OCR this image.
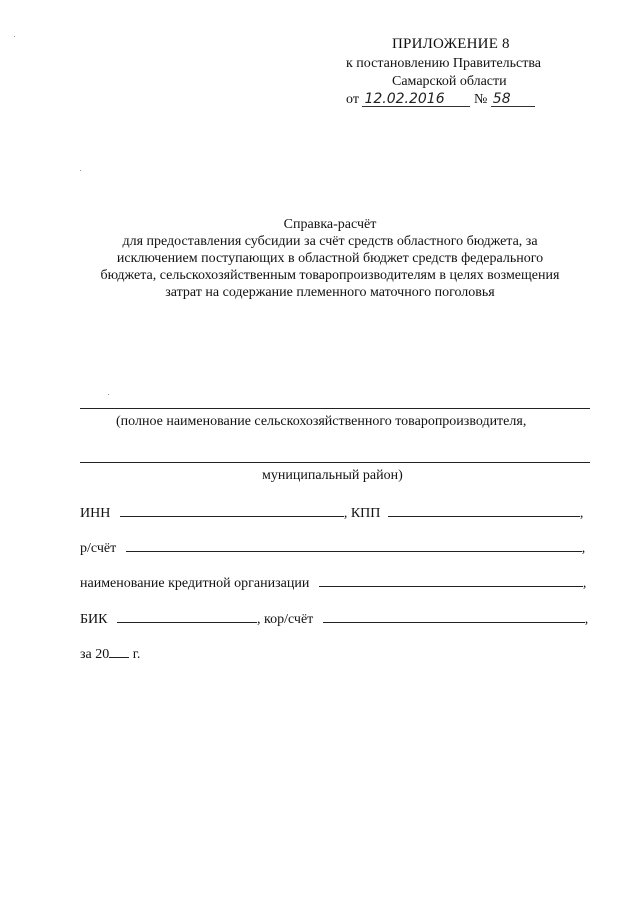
ПРИЛОЖЕНИЕ 8
к постановлению Правительства
Самарской области
от 12.02.2016 № 58
Справка-расчёт
для предоставления субсидии за счёт средств областного бюджета, за
исключением поступающих в областной бюджет средств федерального
бюджета, сельскохозяйственным товаропроизводителям в целях возмещения
затрат на содержание племенного маточного поголовья
(полное наименование сельскохозяйственного товаропроизводителя,
муниципальный район)
ИНН	, КПП	,
р/счёт	,
наименование кредитной организации	,
БИК	, кор/счёт	,
за 20 г.
